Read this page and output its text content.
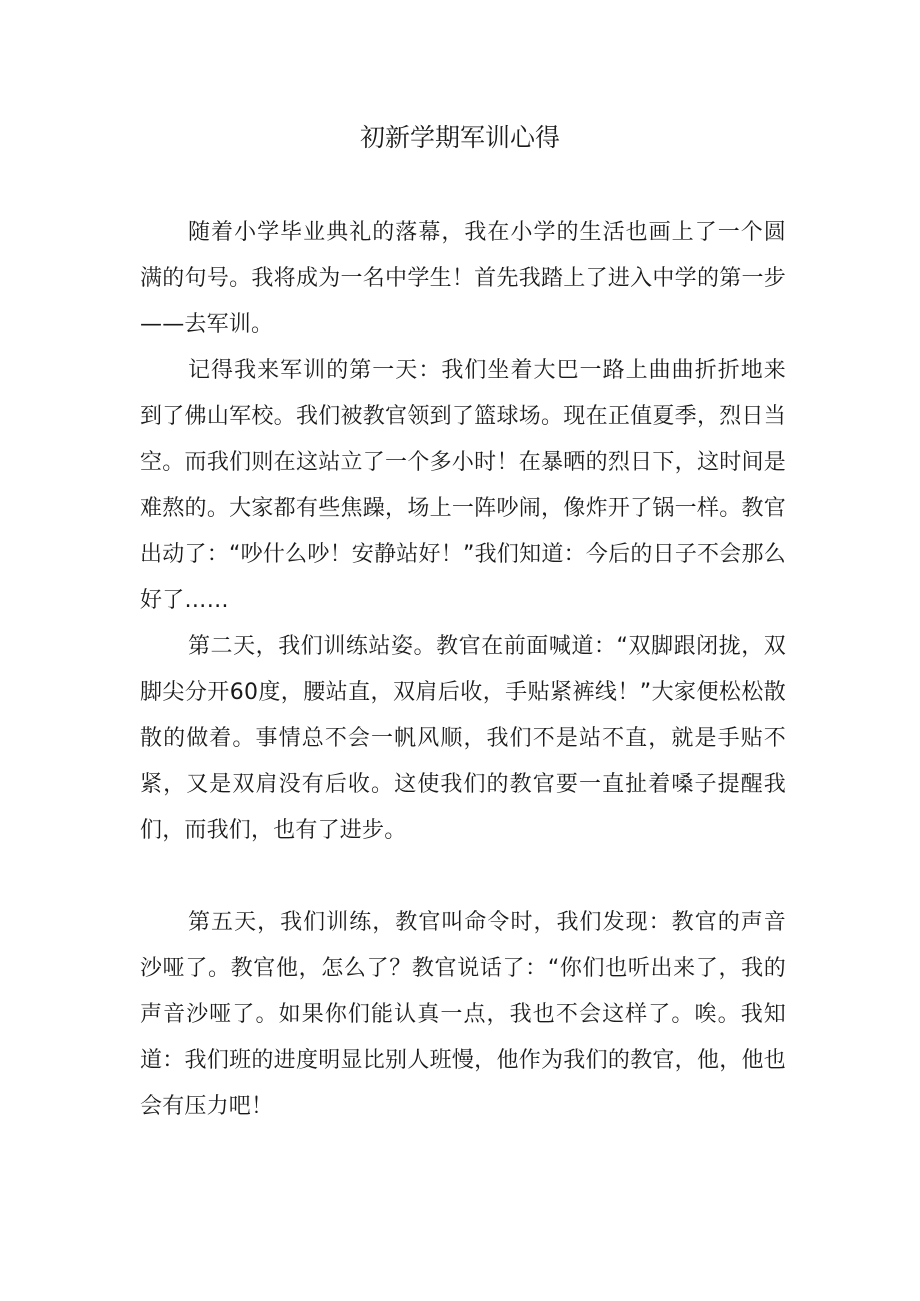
初新学期军训心得

随着小学毕业典礼的落幕，我在小学的生活也画上了一个圆满的句号。我将成为一名中学生！首先我踏上了进入中学的第一步——去军训。

记得我来军训的第一天：我们坐着大巴一路上曲曲折折地来到了佛山军校。我们被教官领到了篮球场。现在正值夏季，烈日当空。而我们则在这站立了一个多小时！在暴晒的烈日下，这时间是难熬的。大家都有些焦躁，场上一阵吵闹，像炸开了锅一样。教官出动了：“吵什么吵！安静站好！”我们知道：今后的日子不会那么好了……

第二天，我们训练站姿。教官在前面喊道：“双脚跟闭拢，双脚尖分开60度，腰站直，双肩后收，手贴紧裤线！”大家便松松散散的做着。事情总不会一帆风顺，我们不是站不直，就是手贴不紧，又是双肩没有后收。这使我们的教官要一直扯着嗓子提醒我们，而我们，也有了进步。

第五天，我们训练，教官叫命令时，我们发现：教官的声音沙哑了。教官他，怎么了？教官说话了：“你们也听出来了，我的声音沙哑了。如果你们能认真一点，我也不会这样了。唉。我知道：我们班的进度明显比别人班慢，他作为我们的教官，他，他也会有压力吧！
